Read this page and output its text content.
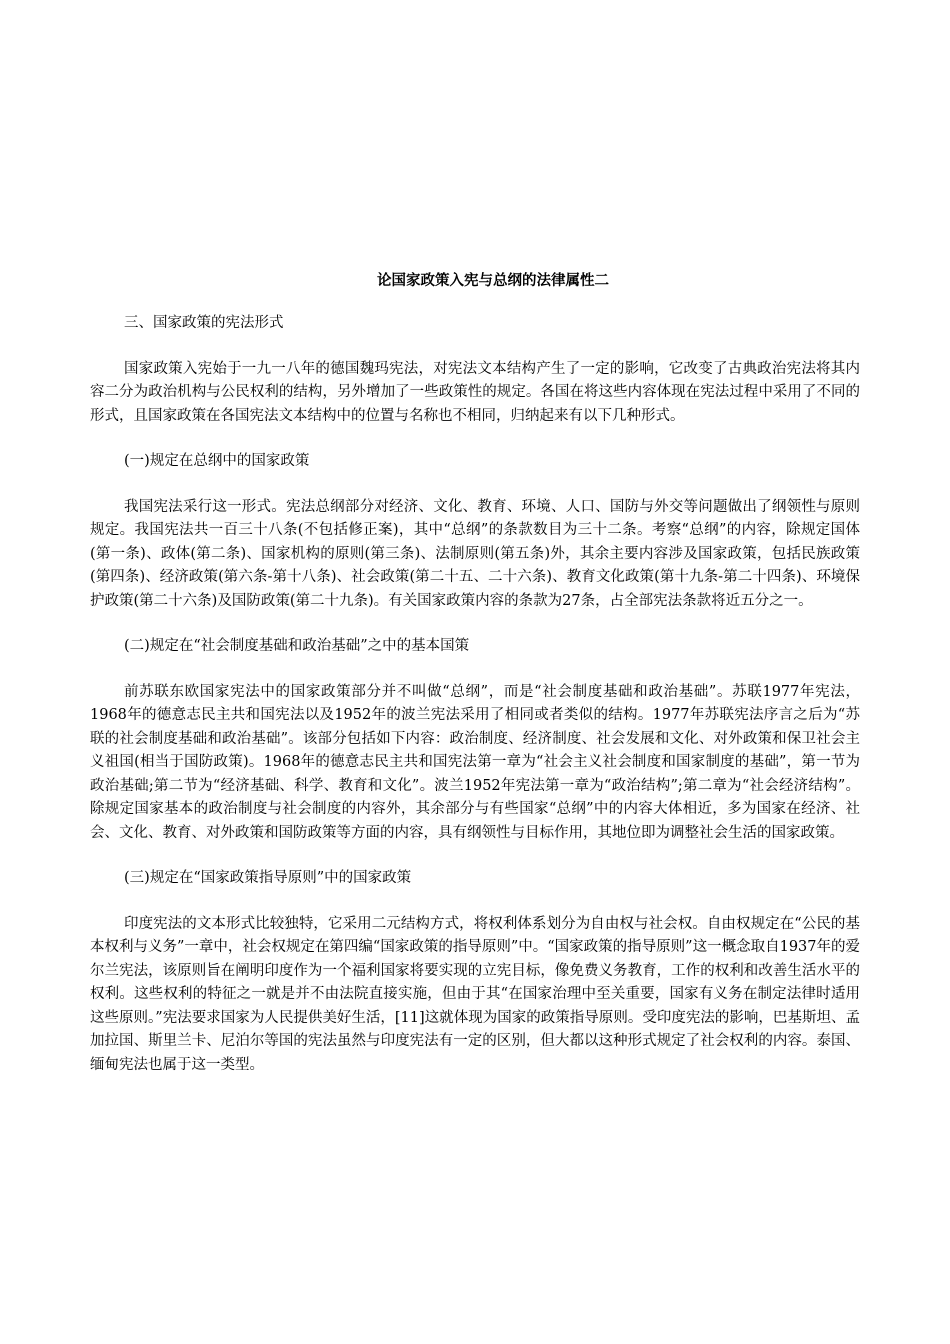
论国家政策入宪与总纲的法律属性二

三、国家政策的宪法形式

国家政策入宪始于一九一八年的德国魏玛宪法，对宪法文本结构产生了一定的影响，它改变了古典政治宪法将其内容二分为政治机构与公民权利的结构，另外增加了一些政策性的规定。各国在将这些内容体现在宪法过程中采用了不同的形式，且国家政策在各国宪法文本结构中的位置与名称也不相同，归纳起来有以下几种形式。

(一)规定在总纲中的国家政策

我国宪法采行这一形式。宪法总纲部分对经济、文化、教育、环境、人口、国防与外交等问题做出了纲领性与原则规定。我国宪法共一百三十八条(不包括修正案)，其中“总纲”的条款数目为三十二条。考察“总纲”的内容，除规定国体(第一条)、政体(第二条)、国家机构的原则(第三条)、法制原则(第五条)外，其余主要内容涉及国家政策，包括民族政策(第四条)、经济政策(第六条-第十八条)、社会政策(第二十五、二十六条)、教育文化政策(第十九条-第二十四条)、环境保护政策(第二十六条)及国防政策(第二十九条)。有关国家政策内容的条款为27条，占全部宪法条款将近五分之一。

(二)规定在“社会制度基础和政治基础”之中的基本国策

前苏联东欧国家宪法中的国家政策部分并不叫做“总纲”，而是“社会制度基础和政治基础”。苏联1977年宪法，1968年的德意志民主共和国宪法以及1952年的波兰宪法采用了相同或者类似的结构。1977年苏联宪法序言之后为“苏联的社会制度基础和政治基础”。该部分包括如下内容：政治制度、经济制度、社会发展和文化、对外政策和保卫社会主义祖国(相当于国防政策)。1968年的德意志民主共和国宪法第一章为“社会主义社会制度和国家制度的基础”，第一节为政治基础;第二节为“经济基础、科学、教育和文化”。波兰1952年宪法第一章为“政治结构”;第二章为“社会经济结构”。除规定国家基本的政治制度与社会制度的内容外，其余部分与有些国家“总纲”中的内容大体相近，多为国家在经济、社会、文化、教育、对外政策和国防政策等方面的内容，具有纲领性与目标作用，其地位即为调整社会生活的国家政策。

(三)规定在“国家政策指导原则”中的国家政策

印度宪法的文本形式比较独特，它采用二元结构方式，将权利体系划分为自由权与社会权。自由权规定在“公民的基本权利与义务”一章中，社会权规定在第四编“国家政策的指导原则”中。“国家政策的指导原则”这一概念取自1937年的爱尔兰宪法，该原则旨在阐明印度作为一个福利国家将要实现的立宪目标，像免费义务教育，工作的权利和改善生活水平的权利。这些权利的特征之一就是并不由法院直接实施，但由于其“在国家治理中至关重要，国家有义务在制定法律时适用这些原则。”宪法要求国家为人民提供美好生活，[11]这就体现为国家的政策指导原则。受印度宪法的影响，巴基斯坦、孟加拉国、斯里兰卡、尼泊尔等国的宪法虽然与印度宪法有一定的区别，但大都以这种形式规定了社会权利的内容。泰国、缅甸宪法也属于这一类型。
